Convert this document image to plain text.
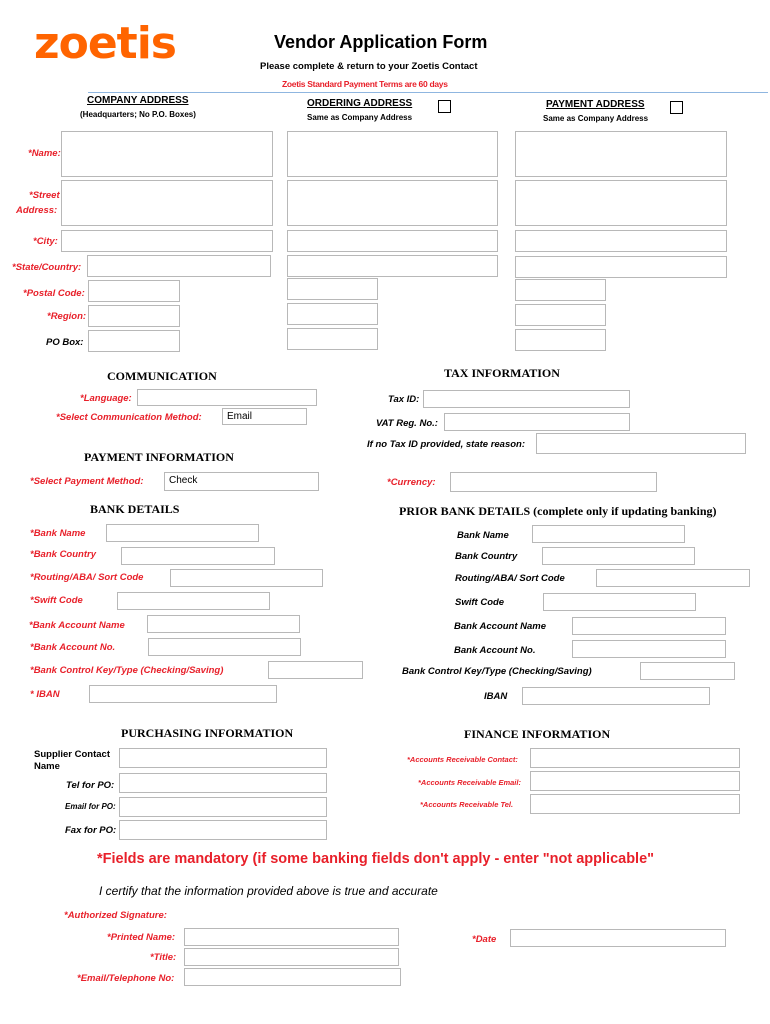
zoetis	Vendor Application Form
Please complete & return to your Zoetis Contact
Zoetis Standard Payment Terms are 60 days
COMPANY ADDRESS
(Headquarters; No P.O. Boxes)
ORDERING ADDRESS
Same as Company Address
PAYMENT ADDRESS
Same as Company Address
*Name:
*Street
Address:
*City:
*State/Country:
*Postal Code:
*Region:
PO Box:
COMMUNICATION
*Language:
*Select Communication Method:	Email
TAX INFORMATION
Tax ID:
VAT Reg. No.:
If no Tax ID provided, state reason:
PAYMENT INFORMATION
*Select Payment Method:	Check	*Currency:
BANK DETAILS
*Bank Name
*Bank Country
*Routing/ABA/ Sort Code
*Swift Code
*Bank Account Name
*Bank Account No.
*Bank Control Key/Type (Checking/Saving)
* IBAN
PRIOR BANK DETAILS (complete only if updating banking)
Bank Name
Bank Country
Routing/ABA/ Sort Code
Swift Code
Bank Account Name
Bank Account No.
Bank Control Key/Type (Checking/Saving)
IBAN
PURCHASING INFORMATION
Supplier Contact
Name
Tel for PO:
Email for PO:
Fax for PO:
FINANCE INFORMATION
*Accounts Receivable Contact:
*Accounts Receivable Email:
*Accounts Receivable Tel.
*Fields are mandatory (if some banking fields don't apply - enter "not applicable"
I certify that the information provided above is true and accurate
*Authorized Signature:
*Printed Name:	*Date
*Title:
*Email/Telephone No:
